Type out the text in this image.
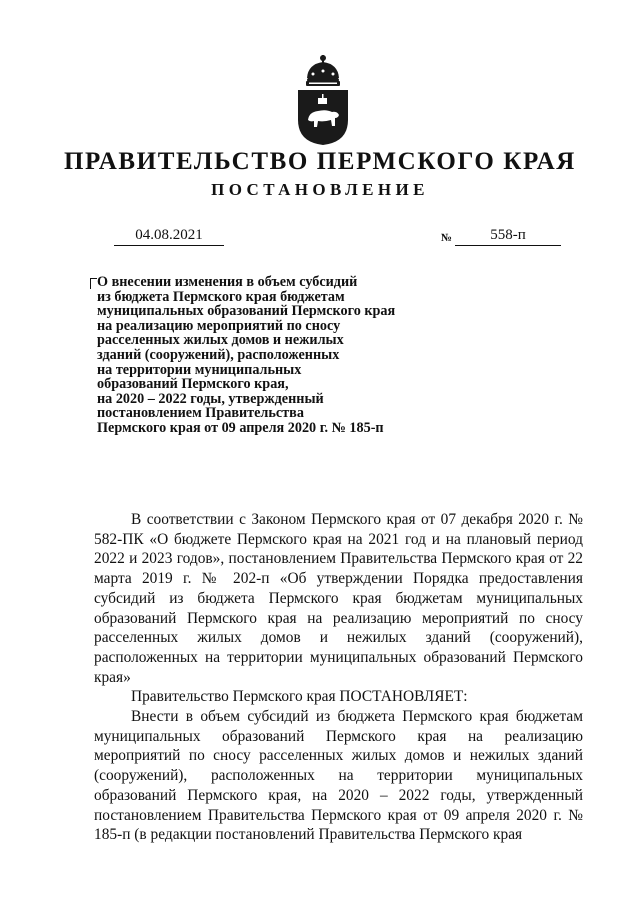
ПРАВИТЕЛЬСТВО ПЕРМСКОГО КРАЯ
ПОСТАНОВЛЕНИЕ
04.08.2021	№	558-п
О внесении изменения в объем субсидий
из бюджета Пермского края бюджетам
муниципальных образований Пермского края
на реализацию мероприятий по сносу
расселенных жилых домов и нежилых
зданий (сооружений), расположенных
на территории муниципальных
образований Пермского края,
на 2020 – 2022 годы, утвержденный
постановлением Правительства
Пермского края от 09 апреля 2020 г. № 185-п

В соответствии с Законом Пермского края от 07 декабря 2020 г. № 582-ПК «О бюджете Пермского края на 2021 год и на плановый период 2022 и 2023 годов», постановлением Правительства Пермского края от 22 марта 2019 г. № 202-п «Об утверждении Порядка предоставления субсидий из бюджета Пермского края бюджетам муниципальных образований Пермского края на реализацию мероприятий по сносу расселенных жилых домов и нежилых зданий (сооружений), расположенных на территории муниципальных образований Пермского края»

Правительство Пермского края ПОСТАНОВЛЯЕТ:

Внести в объем субсидий из бюджета Пермского края бюджетам муниципальных образований Пермского края на реализацию мероприятий по сносу расселенных жилых домов и нежилых зданий (сооружений), расположенных на территории муниципальных образований Пермского края, на 2020 – 2022 годы, утвержденный постановлением Правительства Пермского края от 09 апреля 2020 г. № 185-п (в редакции постановлений Правительства Пермского края
